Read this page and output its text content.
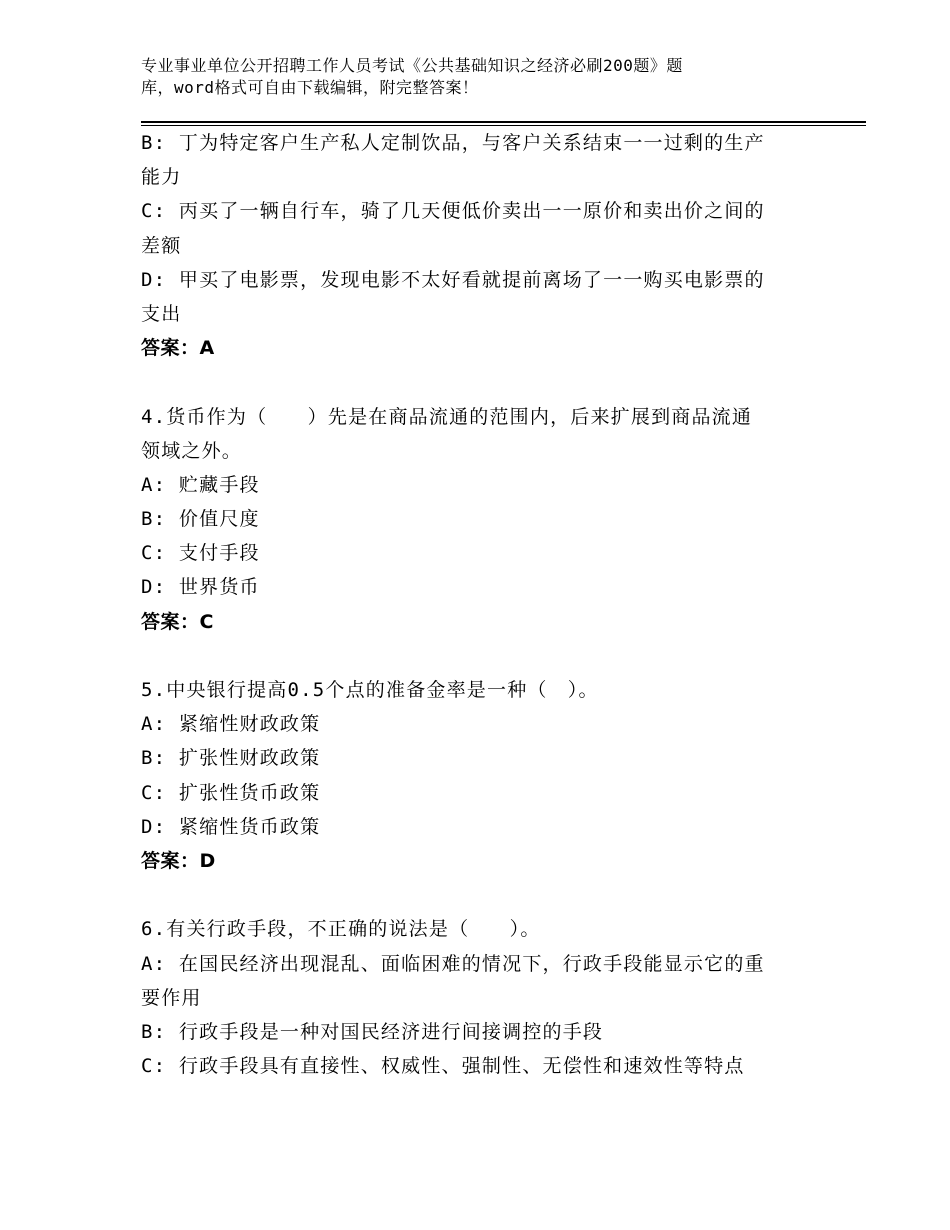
专业事业单位公开招聘工作人员考试《公共基础知识之经济必刷200题》题
库，word格式可自由下载编辑，附完整答案！
B: 丁为特定客户生产私人定制饮品，与客户关系结束一一过剩的生产
能力
C: 丙买了一辆自行车，骑了几天便低价卖出一一原价和卖出价之间的
差额
D: 甲买了电影票，发现电影不太好看就提前离场了一一购买电影票的
支出
答案：A
4.货币作为（　　）先是在商品流通的范围内，后来扩展到商品流通
领域之外。
A: 贮藏手段
B: 价值尺度
C: 支付手段
D: 世界货币
答案：C
5.中央银行提高0.5个点的准备金率是一种（　）。
A: 紧缩性财政政策
B: 扩张性财政政策
C: 扩张性货币政策
D: 紧缩性货币政策
答案：D
6.有关行政手段，不正确的说法是（　　）。
A: 在国民经济出现混乱、面临困难的情况下，行政手段能显示它的重
要作用
B: 行政手段是一种对国民经济进行间接调控的手段
C: 行政手段具有直接性、权威性、强制性、无偿性和速效性等特点
